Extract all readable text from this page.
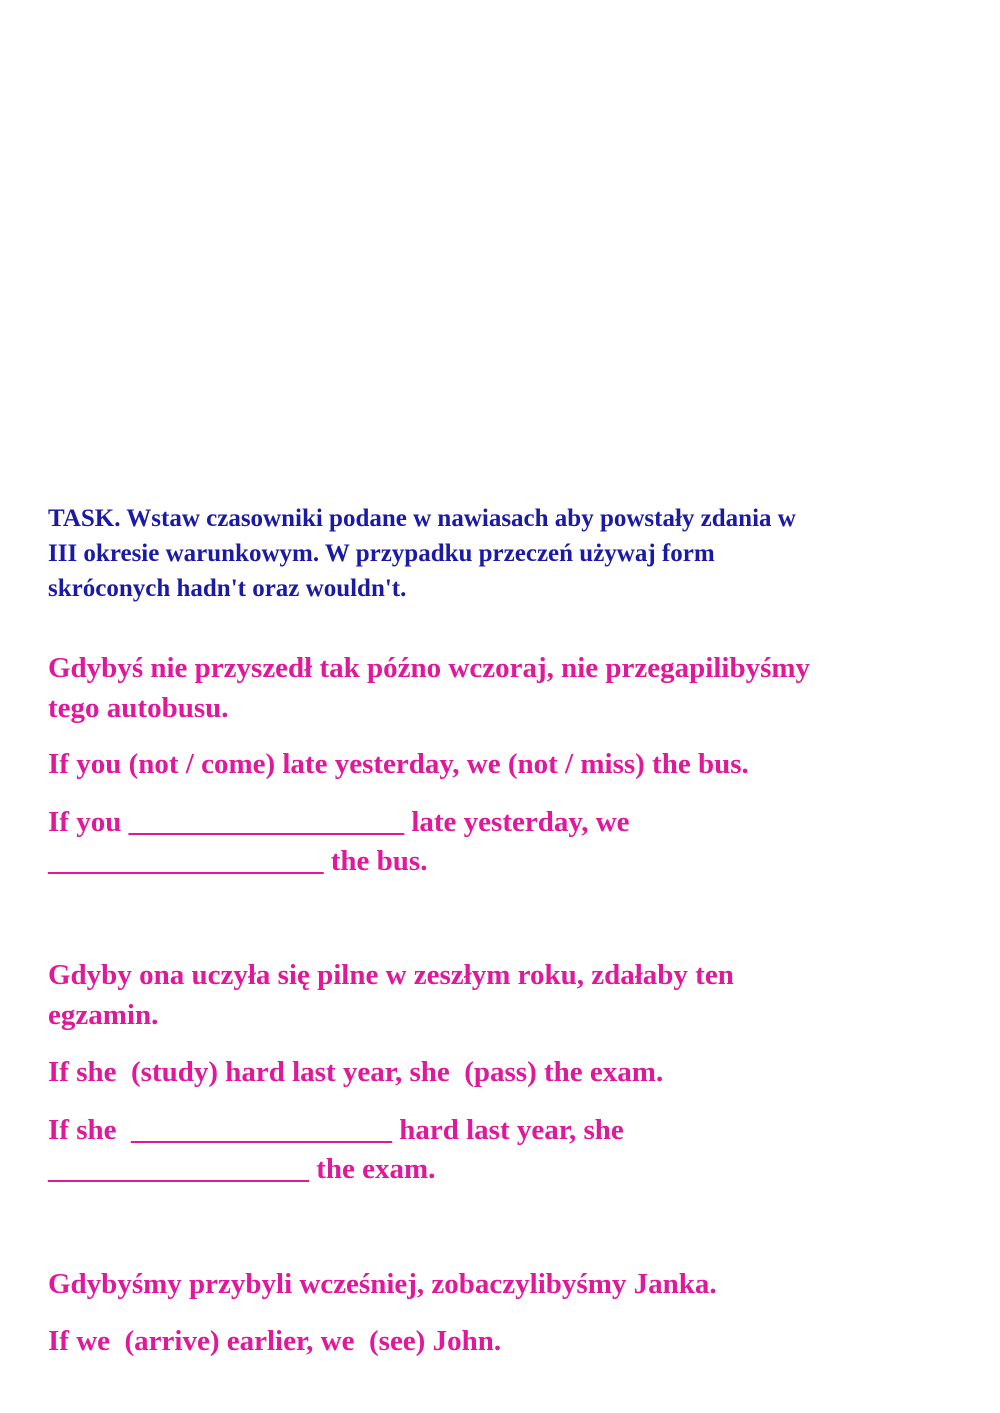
TASK. Wstaw czasowniki podane w nawiasach aby powstały zdania w

III okresie warunkowym. W przypadku przeczeń używaj form

skróconych hadn't oraz wouldn't.

Gdybyś nie przyszedł tak późno wczoraj, nie przegapilibyśmy

tego autobusu.

If you (not / come) late yesterday, we (not / miss) the bus.

If you ___________________ late yesterday, we

___________________ the bus.

Gdyby ona uczyła się pilne w zeszłym roku, zdałaby ten

egzamin.

If she  (study) hard last year, she  (pass) the exam.

If she  __________________ hard last year, she

__________________ the exam.

Gdybyśmy przybyli wcześniej, zobaczylibyśmy Janka.

If we  (arrive) earlier, we  (see) John.
